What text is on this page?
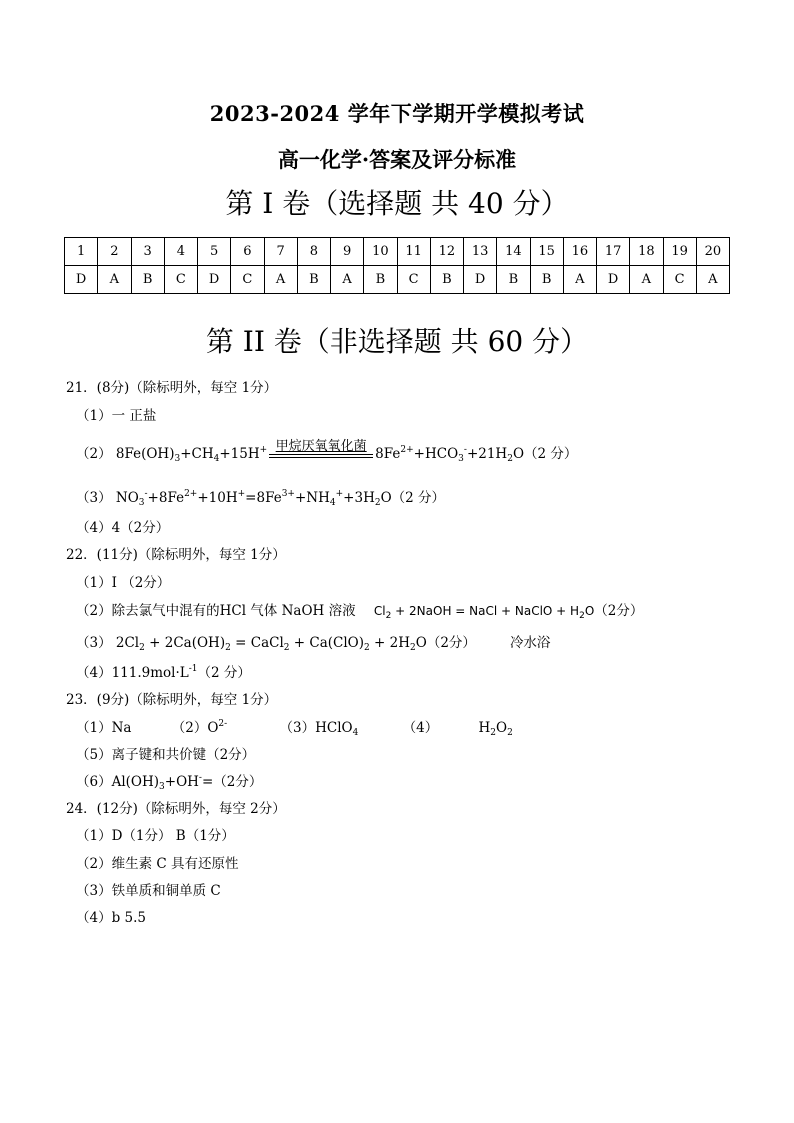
2023-2024 学年下学期开学模拟考试
高一化学·答案及评分标准
第 I 卷（选择题 共 40 分）
1	2	3	4	5	6	7	8	9	10	11	12	13	14	15	16	17	18	19	20
D	A	B	C	D	C	A	B	A	B	C	B	D	B	B	A	D	A	C	A
第 II 卷（非选择题 共 60 分）
21．(8分)（除标明外，每空 1分）
（1）一 正盐
（2） $8Fe(OH)_3+CH_4+15H^+$ 甲烷厌氧氧化菌 $8Fe^{2+}+HCO_3^-+21H_2O(2$ 分）
（3） $NO_3^-+8Fe^{2+}+10H^+=8Fe^{3+}+NH_4^++3H_2O(2$ 分）
（4）4（2分）
22．(11分)（除标明外，每空 1分）
（1）I （2分）
（2）除去氯气中混有的HCl 气体 NaOH 溶液 $Cl_2$ + 2NaOH = NaCl + NaClO + $H_2O(2$分）
（3） $2Cl_2 + 2Ca(OH)_2$ = CaCl$_2$ + $Ca(ClO)_2 + 2H_2O(2$分）	冷水浴
$(4)111.9mol\cdot L^{-1}(2$ 分）
23．(9分)（除标明外，每空 1分）
（1）Na	$(2)O^{2-}$	（3）HClO$_4$	（4）	$H_2O_2$
（5）离子键和共价键（2分）
$(6)Al(OH)_3+OH^-=(2$分）
24．(12分)（除标明外，每空 2分）
（1）D（1分） B（1分）
（2）维生素 C 具有还原性
（3）铁单质和铜单质 C
（4）b 5.5
